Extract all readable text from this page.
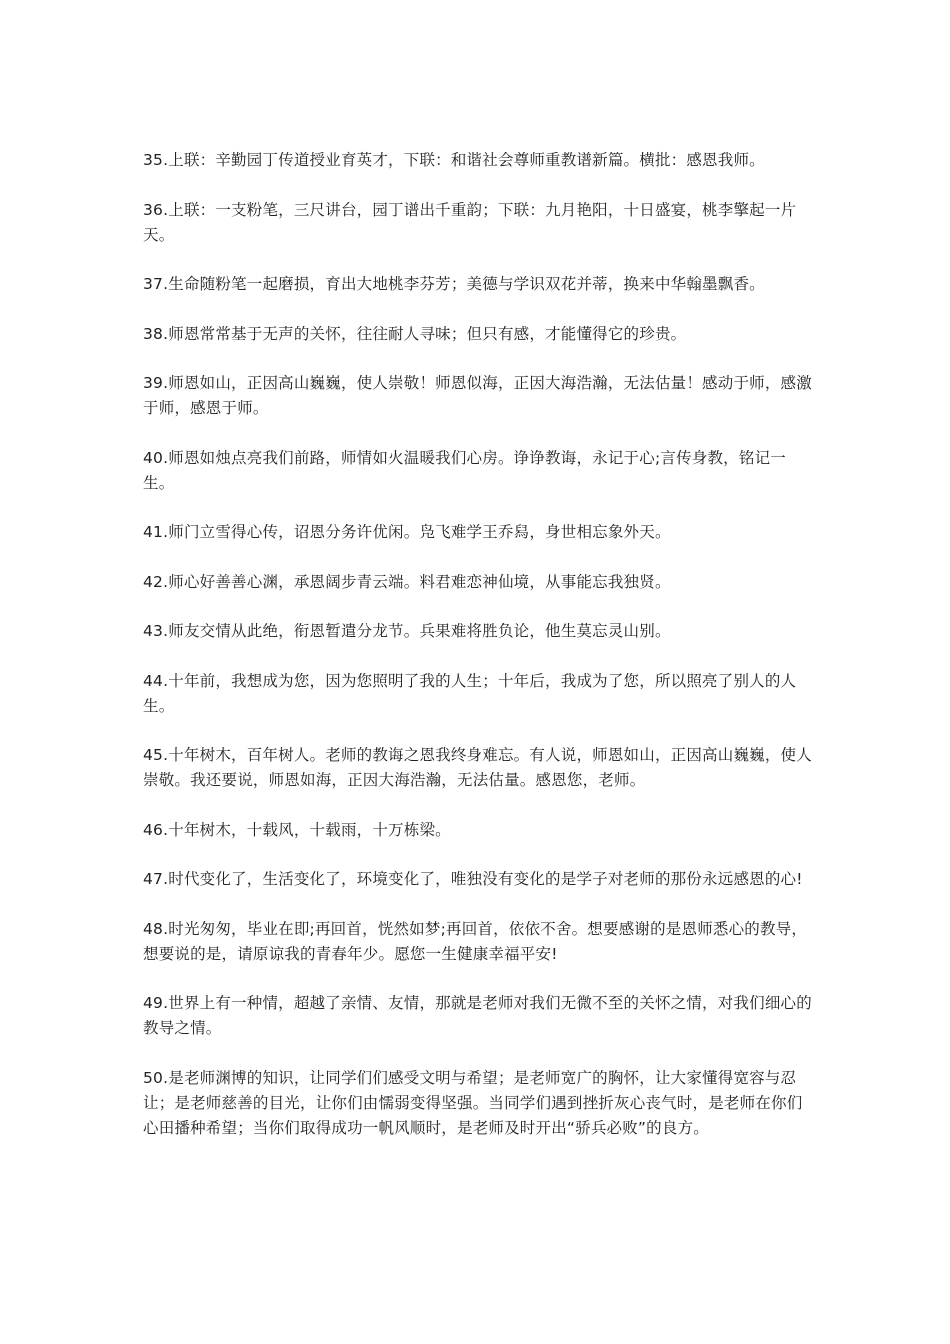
35.上联：辛勤园丁传道授业育英才，下联：和谐社会尊师重教谱新篇。横批：感恩我师。

36.上联：一支粉笔，三尺讲台，园丁谱出千重韵；下联：九月艳阳，十日盛宴，桃李擎起一片天。

37.生命随粉笔一起磨损，育出大地桃李芬芳；美德与学识双花并蒂，换来中华翰墨飘香。

38.师恩常常基于无声的关怀，往往耐人寻味；但只有感，才能懂得它的珍贵。

39.师恩如山，正因高山巍巍，使人崇敬！师恩似海，正因大海浩瀚，无法估量！感动于师，感激于师，感恩于师。

40.师恩如烛点亮我们前路，师情如火温暖我们心房。诤诤教诲，永记于心;言传身教，铭记一生。

41.师门立雪得心传，诏恩分务许优闲。凫飞难学王乔舄，身世相忘象外天。

42.师心好善善心渊，承恩阔步青云端。料君难恋神仙境，从事能忘我独贤。

43.师友交情从此绝，衔恩暂遣分龙节。兵果难将胜负论，他生莫忘灵山别。

44.十年前，我想成为您，因为您照明了我的人生；十年后，我成为了您，所以照亮了别人的人生。

45.十年树木，百年树人。老师的教诲之恩我终身难忘。有人说，师恩如山，正因高山巍巍，使人崇敬。我还要说，师恩如海，正因大海浩瀚，无法估量。感恩您，老师。

46.十年树木，十载风，十载雨，十万栋梁。

47.时代变化了，生活变化了，环境变化了，唯独没有变化的是学子对老师的那份永远感恩的心!

48.时光匆匆，毕业在即;再回首，恍然如梦;再回首，依依不舍。想要感谢的是恩师悉心的教导，想要说的是，请原谅我的青春年少。愿您一生健康幸福平安!

49.世界上有一种情，超越了亲情、友情，那就是老师对我们无微不至的关怀之情，对我们细心的教导之情。

50.是老师渊博的知识，让同学们们感受文明与希望；是老师宽广的胸怀，让大家懂得宽容与忍让；是老师慈善的目光，让你们由懦弱变得坚强。当同学们遇到挫折灰心丧气时，是老师在你们心田播种希望；当你们取得成功一帆风顺时，是老师及时开出“骄兵必败”的良方。
